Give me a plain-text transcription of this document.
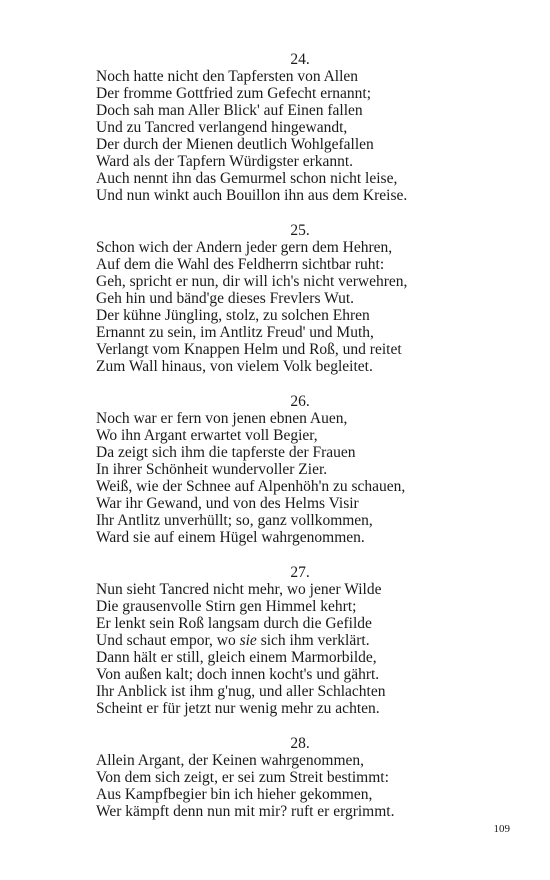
24.
Noch hatte nicht den Tapfersten von Allen
Der fromme Gottfried zum Gefecht ernannt;
Doch sah man Aller Blick' auf Einen fallen
Und zu Tancred verlangend hingewandt,
Der durch der Mienen deutlich Wohlgefallen
Ward als der Tapfern Würdigster erkannt.
Auch nennt ihn das Gemurmel schon nicht leise,
Und nun winkt auch Bouillon ihn aus dem Kreise.
25.
Schon wich der Andern jeder gern dem Hehren,
Auf dem die Wahl des Feldherrn sichtbar ruht:
Geh, spricht er nun, dir will ich's nicht verwehren,
Geh hin und bänd'ge dieses Frevlers Wut.
Der kühne Jüngling, stolz, zu solchen Ehren
Ernannt zu sein, im Antlitz Freud' und Muth,
Verlangt vom Knappen Helm und Roß, und reitet
Zum Wall hinaus, von vielem Volk begleitet.
26.
Noch war er fern von jenen ebnen Auen,
Wo ihn Argant erwartet voll Begier,
Da zeigt sich ihm die tapferste der Frauen
In ihrer Schönheit wundervoller Zier.
Weiß, wie der Schnee auf Alpenhöh'n zu schauen,
War ihr Gewand, und von des Helms Visir
Ihr Antlitz unverhüllt; so, ganz vollkommen,
Ward sie auf einem Hügel wahrgenommen.
27.
Nun sieht Tancred nicht mehr, wo jener Wilde
Die grausenvolle Stirn gen Himmel kehrt;
Er lenkt sein Roß langsam durch die Gefilde
Und schaut empor, wo sie sich ihm verklärt.
Dann hält er still, gleich einem Marmorbilde,
Von außen kalt; doch innen kocht's und gährt.
Ihr Anblick ist ihm g'nug, und aller Schlachten
Scheint er für jetzt nur wenig mehr zu achten.
28.
Allein Argant, der Keinen wahrgenommen,
Von dem sich zeigt, er sei zum Streit bestimmt:
Aus Kampfbegier bin ich hieher gekommen,
Wer kämpft denn nun mit mir? ruft er ergrimmt.
109
